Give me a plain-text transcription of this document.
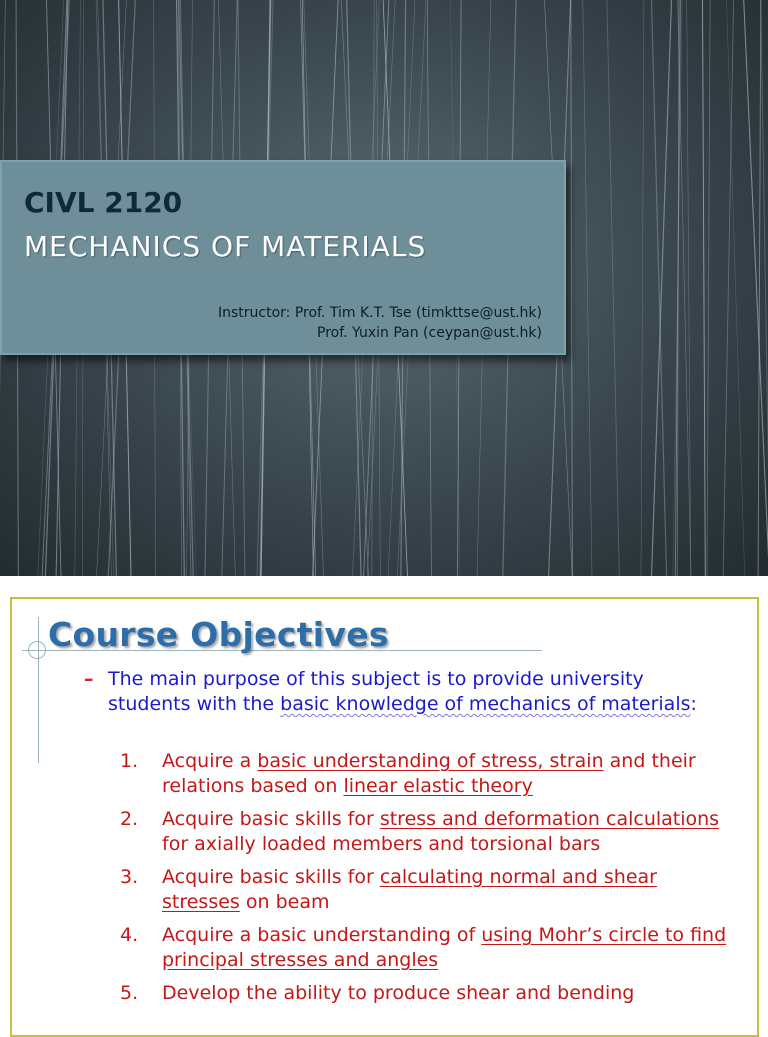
CIVL 2120
MECHANICS OF MATERIALS
Instructor: Prof. Tim K.T. Tse (timkttse@ust.hk)
Prof. Yuxin Pan (ceypan@ust.hk)
Course Objectives
– The main purpose of this subject is to provide university students with the basic knowledge of mechanics of materials:
1. Acquire a basic understanding of stress, strain and their relations based on linear elastic theory
2. Acquire basic skills for stress and deformation calculations for axially loaded members and torsional bars
3. Acquire basic skills for calculating normal and shear stresses on beam
4. Acquire a basic understanding of using Mohr’s circle to find principal stresses and angles
5. Develop the ability to produce shear and bending
